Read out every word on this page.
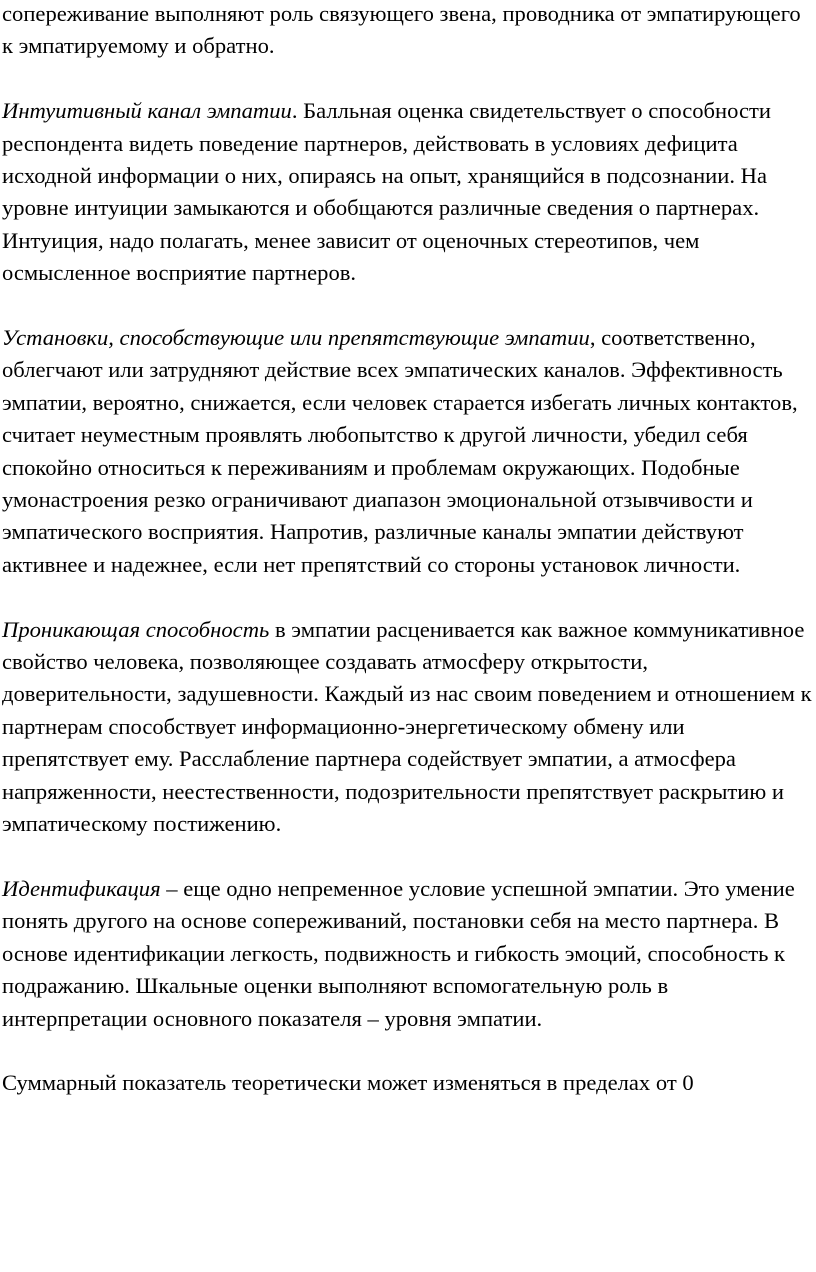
сопереживание выполняют роль связующего звена, проводника от эмпатирующего к эмпатируемому и обратно.

Интуитивный канал эмпатии. Балльная оценка свидетельствует о способности респондента видеть поведение партнеров, действовать в условиях дефицита исходной информации о них, опираясь на опыт, хранящийся в подсознании. На уровне интуиции замыкаются и обобщаются различные сведения о партнерах. Интуиция, надо полагать, менее зависит от оценочных стереотипов, чем осмысленное восприятие партнеров.

Установки, способствующие или препятствующие эмпатии, соответственно, облегчают или затрудняют действие всех эмпатических каналов. Эффективность эмпатии, вероятно, снижается, если человек старается избегать личных контактов, считает неуместным проявлять любопытство к другой личности, убедил себя спокойно относиться к переживаниям и проблемам окружающих. Подобные умонастроения резко ограничивают диапазон эмоциональной отзывчивости и эмпатического восприятия. Напротив, различные каналы эмпатии действуют активнее и надежнее, если нет препятствий со стороны установок личности.

Проникающая способность в эмпатии расценивается как важное коммуникативное свойство человека, позволяющее создавать атмосферу открытости, доверительности, задушевности. Каждый из нас своим поведением и отношением к партнерам способствует информационно-энергетическому обмену или препятствует ему. Расслабление партнера содействует эмпатии, а атмосфера напряженности, неестественности, подозрительности препятствует раскрытию и эмпатическому постижению.

Идентификация – еще одно непременное условие успешной эмпатии. Это умение понять другого на основе сопереживаний, постановки себя на место партнера. В основе идентификации легкость, подвижность и гибкость эмоций, способность к подражанию. Шкальные оценки выполняют вспомогательную роль в интерпретации основного показателя – уровня эмпатии.

Суммарный показатель теоретически может изменяться в пределах от 0
